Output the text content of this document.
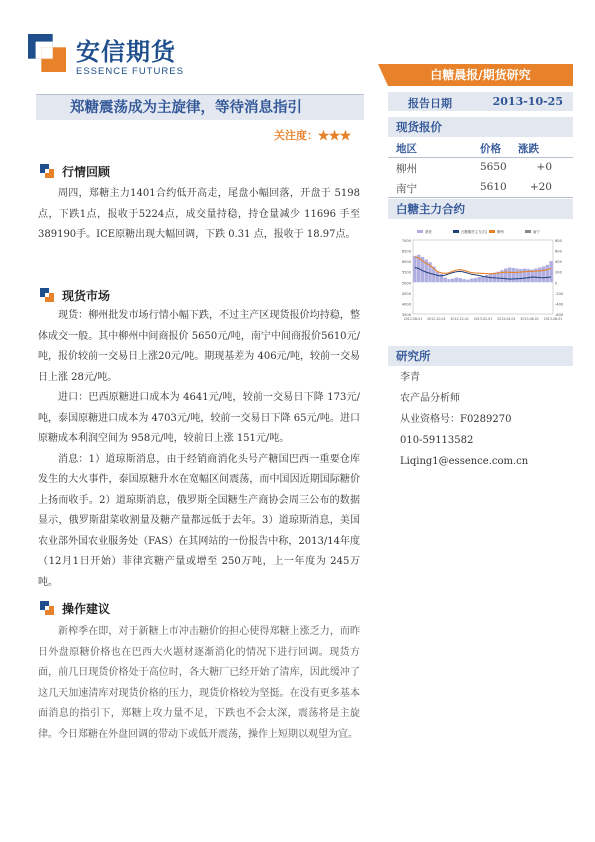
安信期货
ESSENCE FUTURES	白糖晨报/期货研究
郑糖震荡成为主旋律，等待消息指引
关注度：★★★
报告日期	2013-10-25
现货报价
地区	价格 涨跌
柳州	5650	+0
南宁	5610	+20
白糖主力合约
7000
6500
6000
5500
5000
4500
4000
3500
800
600
400
200
0
-200
-400
-600
2012-08-01 2012-10-01 2012-12-01 2013-02-01 2013-04-01 2013-06-01 2013-08-01
基差	白糖期货主力(右)	柳州	南宁
研究所
李青
农产品分析师
从业资格号：F0289270
010-59113582
Liqing1@essence.com.cn
行情回顾

周四，郑糖主力1401合约低开高走，尾盘小幅回落，开盘于 5198点，下跌1点，报收于5224点，成交量持稳，持仓量减少 11696 手至 389190手。ICE原糖出现大幅回调，下跌 0.31 点，报收于 18.97点。

现货市场

现货：柳州批发市场行情小幅下跌，不过主产区现货报价均持稳，整体成交一般。其中柳州中间商报价 5650元/吨，南宁中间商报价5610元/吨，报价较前一交易日上涨20元/吨。期现基差为 406元/吨，较前一交易日上涨 28元/吨。

进口：巴西原糖进口成本为 4641元/吨，较前一交易日下降 173元/吨，泰国原糖进口成本为 4703元/吨，较前一交易日下降 65元/吨。进口原糖成本利润空间为 958元/吨，较前日上涨 151元/吨。

消息：1）道琼斯消息，由于经销商消化头号产糖国巴西一重要仓库发生的大火事件，泰国原糖升水在宽幅区间震荡，而中国因近期国际糖价上扬而收手。2）道琼斯消息，俄罗斯全国糖生产商协会周三公布的数据显示，俄罗斯甜菜收割量及糖产量都远低于去年。3）道琼斯消息，美国农业部外国农业服务处（FAS）在其网站的一份报告中称，2013/14年度（12月1日开始）菲律宾糖产量或增至 250万吨，上一年度为 245万吨。

操作建议

新榨季在即，对于新糖上市冲击糖价的担心使得郑糖上涨乏力，而昨日外盘原糖价格也在巴西大火题材逐渐消化的情况下进行回调。现货方面，前几日现货价格处于高位时，各大糖厂已经开始了清库，因此缓冲了这几天加速清库对现货价格的压力，现货价格较为坚挺。在没有更多基本面消息的指引下，郑糖上攻力量不足，下跌也不会太深，震荡将是主旋律。今日郑糖在外盘回调的带动下或低开震荡，操作上短期以观望为宜。
